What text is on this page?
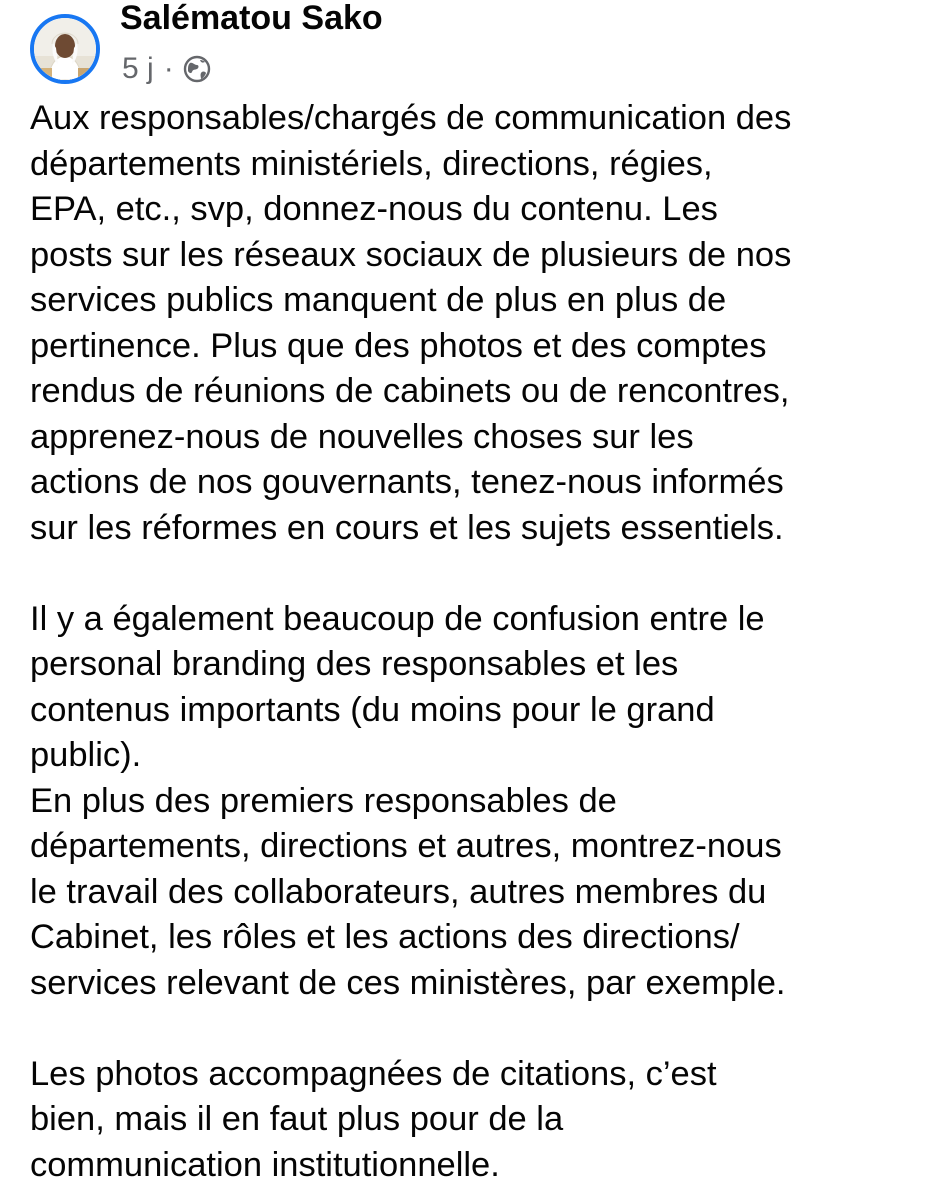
Salématou Sako
5 j ·
Aux responsables/chargés de communication des
départements ministériels, directions, régies,
EPA, etc., svp, donnez-nous du contenu. Les
posts sur les réseaux sociaux de plusieurs de nos
services publics manquent de plus en plus de
pertinence. Plus que des photos et des comptes
rendus de réunions de cabinets ou de rencontres,
apprenez-nous de nouvelles choses sur les
actions de nos gouvernants, tenez-nous informés
sur les réformes en cours et les sujets essentiels.
Il y a également beaucoup de confusion entre le
personal branding des responsables et les
contenus importants (du moins pour le grand
public).
En plus des premiers responsables de
départements, directions et autres, montrez-nous
le travail des collaborateurs, autres membres du
Cabinet, les rôles et les actions des directions/
services relevant de ces ministères, par exemple.
Les photos accompagnées de citations, c’est
bien, mais il en faut plus pour de la
communication institutionnelle.
